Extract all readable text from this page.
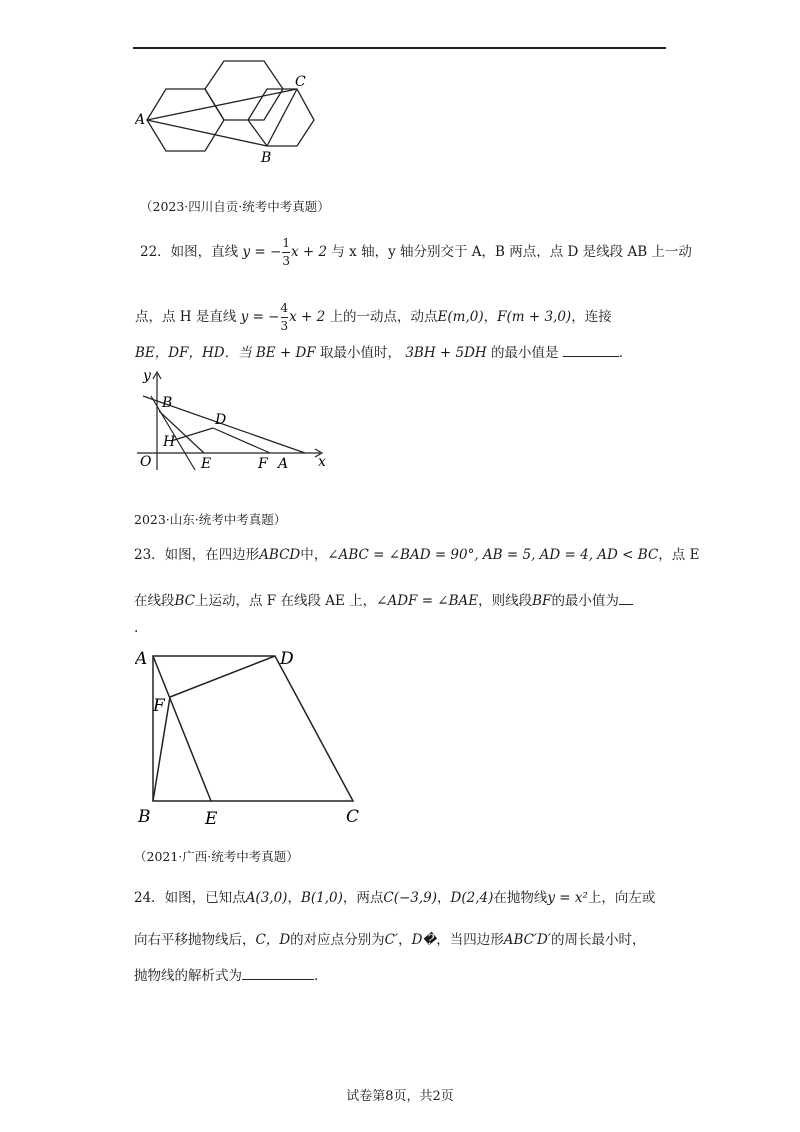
A
B
C
（2023·四川自贡·统考中考真题）
22．如图，直线 y = − $\frac{1}{3}$ x + 2 与 x 轴，y 轴分别交于 A，B 两点，点 D 是线段 AB 上一动
点，点 H 是直线 y = − $\frac{4}{3}$ x + 2 上的一动点，动点E(m,0)，F(m + 3,0)，连接
BE，DF，HD．当 BE + DF 取最小值时， 3BH + 5DH 的最小值是	．
y
x
O
B
D
H
E	F A
2023·山东·统考中考真题）
23．如图，在四边形ABCD中，∠ABC = ∠BAD = 90°, AB = 5, AD = 4, AD < BC，点 E
在线段BC上运动，点 F 在线段 AE 上，∠ADF = ∠BAE，则线段BF的最小值为
.
A	D
F
B	E	C
（2021·广西·统考中考真题）
24．如图，已知点A(3,0)，B(1,0)，两点C(−3,9)，D(2,4)在抛物线y = x²上，向左或
向右平移抛物线后，C，D的对应点分别为C′，D�，当四边形ABC′D′的周长最小时，
抛物线的解析式为	．
试卷第8页，共2页
